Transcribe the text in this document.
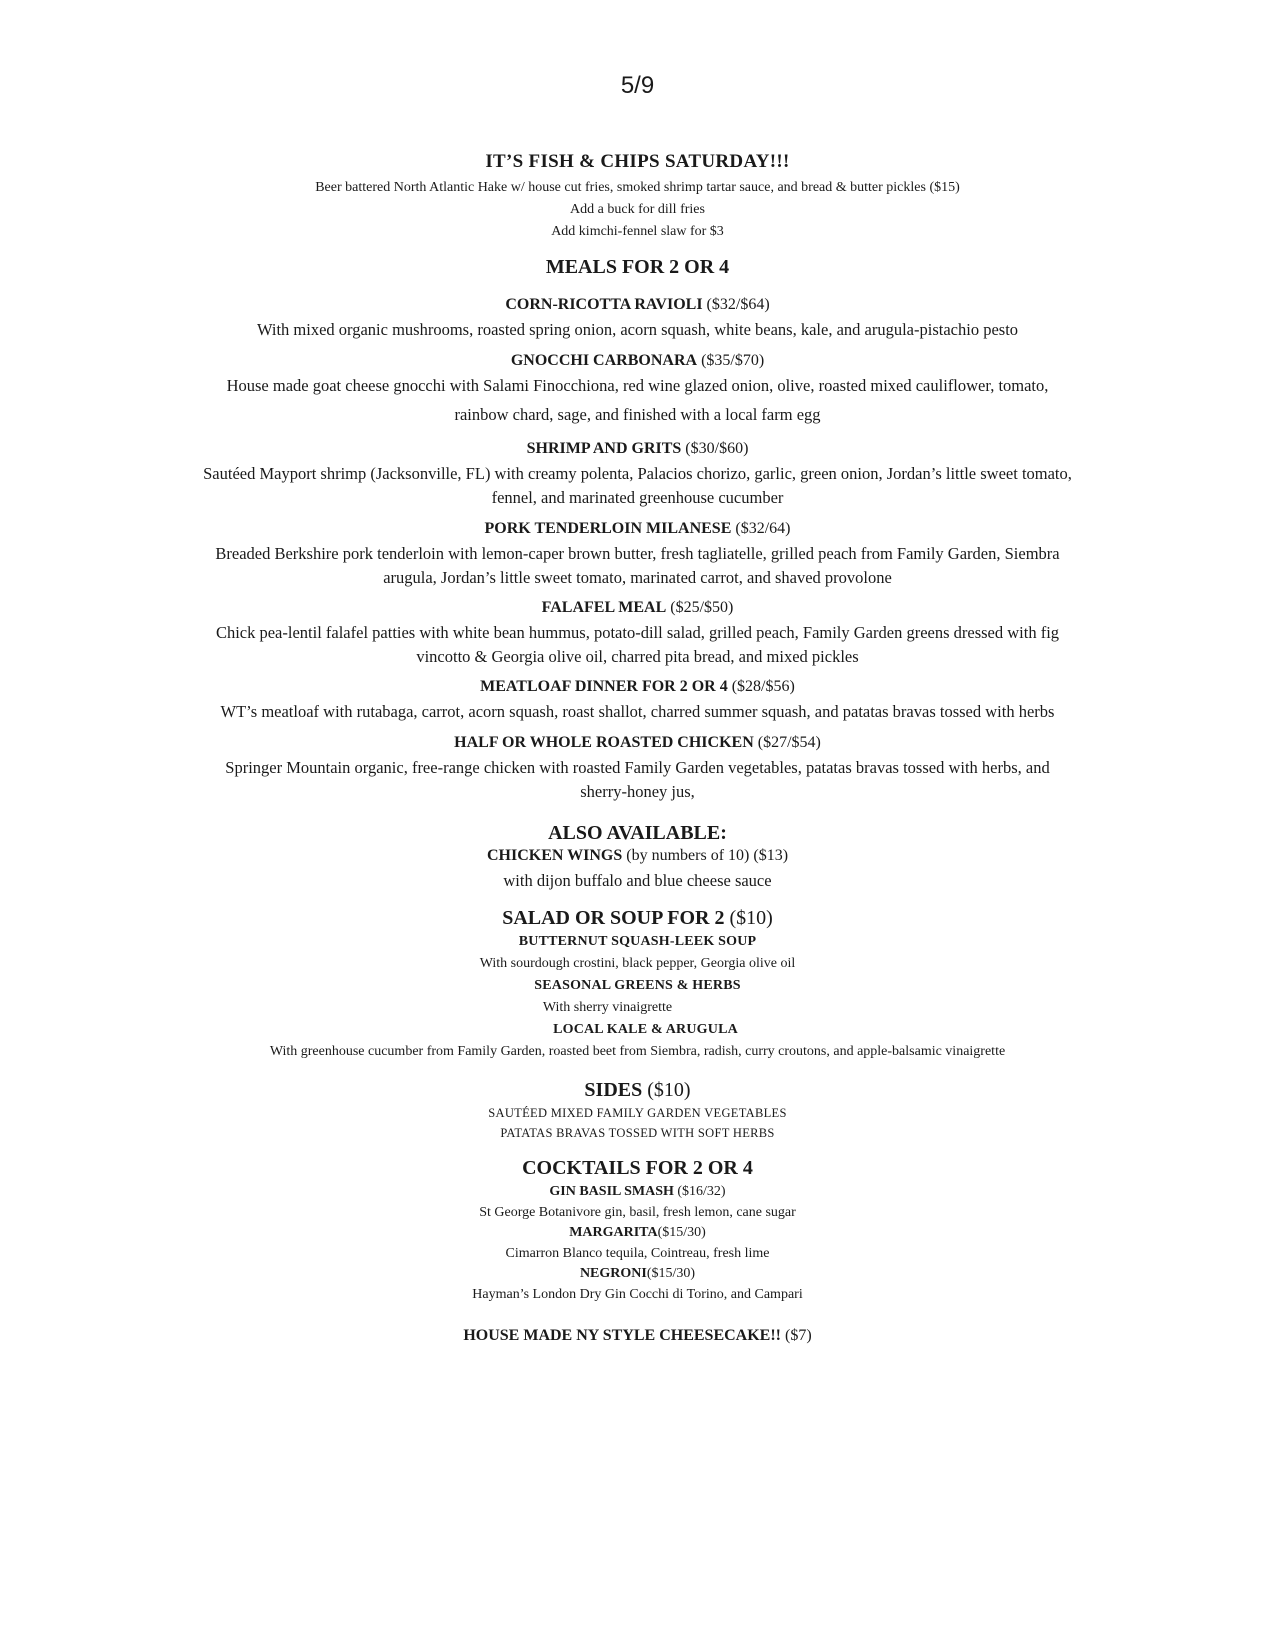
5/9
IT’S FISH & CHIPS SATURDAY!!!
Beer battered North Atlantic Hake w/ house cut fries, smoked shrimp tartar sauce, and bread & butter pickles ($15)
Add a buck for dill fries
Add kimchi-fennel slaw for $3
MEALS FOR 2 OR 4
CORN-RICOTTA RAVIOLI ($32/$64)
With mixed organic mushrooms, roasted spring onion, acorn squash, white beans, kale, and arugula-pistachio pesto
GNOCCHI CARBONARA ($35/$70)
House made goat cheese gnocchi with Salami Finocchiona, red wine glazed onion, olive, roasted mixed cauliflower, tomato,
rainbow chard, sage, and finished with a local farm egg
SHRIMP AND GRITS ($30/$60)
Sautéed Mayport shrimp (Jacksonville, FL) with creamy polenta, Palacios chorizo, garlic, green onion, Jordan’s little sweet tomato,
fennel, and marinated greenhouse cucumber
PORK TENDERLOIN MILANESE ($32/64)
Breaded Berkshire pork tenderloin with lemon-caper brown butter, fresh tagliatelle, grilled peach from Family Garden, Siembra
arugula, Jordan’s little sweet tomato, marinated carrot, and shaved provolone
FALAFEL MEAL ($25/$50)
Chick pea-lentil falafel patties with white bean hummus, potato-dill salad, grilled peach, Family Garden greens dressed with fig
vincotto & Georgia olive oil, charred pita bread, and mixed pickles
MEATLOAF DINNER FOR 2 OR 4 ($28/$56)
WT’s meatloaf with rutabaga, carrot, acorn squash, roast shallot, charred summer squash, and patatas bravas tossed with herbs
HALF OR WHOLE ROASTED CHICKEN ($27/$54)
Springer Mountain organic, free-range chicken with roasted Family Garden vegetables, patatas bravas tossed with herbs, and
sherry-honey jus,
ALSO AVAILABLE:
CHICKEN WINGS (by numbers of 10) ($13)
with dijon buffalo and blue cheese sauce
SALAD OR SOUP FOR 2 ($10)
BUTTERNUT SQUASH-LEEK SOUP
With sourdough crostini, black pepper, Georgia olive oil
SEASONAL GREENS & HERBS
With sherry vinaigrette
LOCAL KALE & ARUGULA
With greenhouse cucumber from Family Garden, roasted beet from Siembra, radish, curry croutons, and apple-balsamic vinaigrette
SIDES ($10)
SAUTÉED MIXED FAMILY GARDEN VEGETABLES
PATATAS BRAVAS TOSSED WITH SOFT HERBS
COCKTAILS FOR 2 OR 4
GIN BASIL SMASH ($16/32)
St George Botanivore gin, basil, fresh lemon, cane sugar
MARGARITA($15/30)
Cimarron Blanco tequila, Cointreau, fresh lime
NEGRONI($15/30)
Hayman’s London Dry Gin Cocchi di Torino, and Campari
HOUSE MADE NY STYLE CHEESECAKE!! ($7)
